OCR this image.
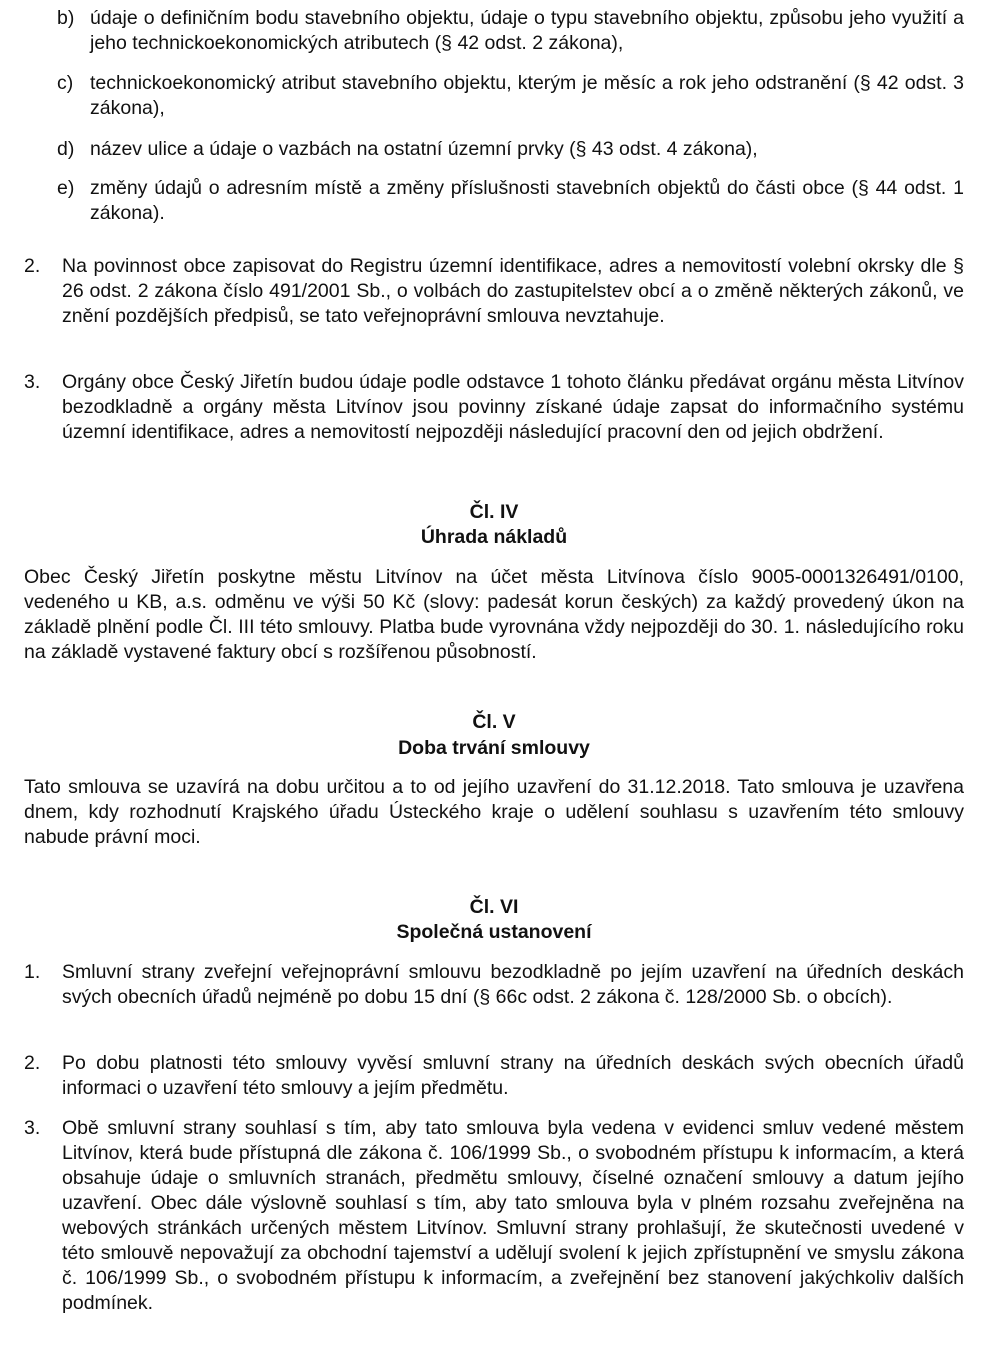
b) údaje o definičním bodu stavebního objektu, údaje o typu stavebního objektu, způsobu jeho využití a jeho technickoekonomických atributech (§ 42 odst. 2 zákona),
c) technickoekonomický atribut stavebního objektu, kterým je měsíc a rok jeho odstranění (§ 42 odst. 3 zákona),
d) název ulice a údaje o vazbách na ostatní územní prvky (§ 43 odst. 4 zákona),
e) změny údajů o adresním místě a změny příslušnosti stavebních objektů do části obce (§ 44 odst. 1 zákona).
2. Na povinnost obce zapisovat do Registru územní identifikace, adres a nemovitostí volební okrsky dle § 26 odst. 2 zákona číslo 491/2001 Sb., o volbách do zastupitelstev obcí a o změně některých zákonů, ve znění pozdějších předpisů, se tato veřejnoprávní smlouva nevztahuje.
3. Orgány obce Český Jiřetín budou údaje podle odstavce 1 tohoto článku předávat orgánu města Litvínov bezodkladně a orgány města Litvínov jsou povinny získané údaje zapsat do informačního systému územní identifikace, adres a nemovitostí nejpozději následující pracovní den od jejich obdržení.
Čl. IV
Úhrada nákladů
Obec Český Jiřetín poskytne městu Litvínov na účet města Litvínova číslo 9005-0001326491/0100, vedeného u KB, a.s. odměnu ve výši 50 Kč (slovy: padesát korun českých) za každý provedený úkon na základě plnění podle Čl. III této smlouvy. Platba bude vyrovnána vždy nejpozději do 30. 1. následujícího roku na základě vystavené faktury obcí s rozšířenou působností.
Čl. V
Doba trvání smlouvy
Tato smlouva se uzavírá na dobu určitou a to od jejího uzavření do 31.12.2018. Tato smlouva je uzavřena dnem, kdy rozhodnutí Krajského úřadu Ústeckého kraje o udělení souhlasu s uzavřením této smlouvy nabude právní moci.
Čl. VI
Společná ustanovení
1. Smluvní strany zveřejní veřejnoprávní smlouvu bezodkladně po jejím uzavření na úředních deskách svých obecních úřadů nejméně po dobu 15 dní (§ 66c odst. 2 zákona č. 128/2000 Sb. o obcích).
2. Po dobu platnosti této smlouvy vyvěsí smluvní strany na úředních deskách svých obecních úřadů informaci o uzavření této smlouvy a jejím předmětu.
3. Obě smluvní strany souhlasí s tím, aby tato smlouva byla vedena v evidenci smluv vedené městem Litvínov, která bude přístupná dle zákona č. 106/1999 Sb., o svobodném přístupu k informacím, a která obsahuje údaje o smluvních stranách, předmětu smlouvy, číselné označení smlouvy a datum jejího uzavření. Obec dále výslovně souhlasí s tím, aby tato smlouva byla v plném rozsahu zveřejněna na webových stránkách určených městem Litvínov. Smluvní strany prohlašují, že skutečnosti uvedené v této smlouvě nepovažují za obchodní tajemství a udělují svolení k jejich zpřístupnění ve smyslu zákona č. 106/1999 Sb., o svobodném přístupu k informacím, a zveřejnění bez stanovení jakýchkoliv dalších podmínek.
